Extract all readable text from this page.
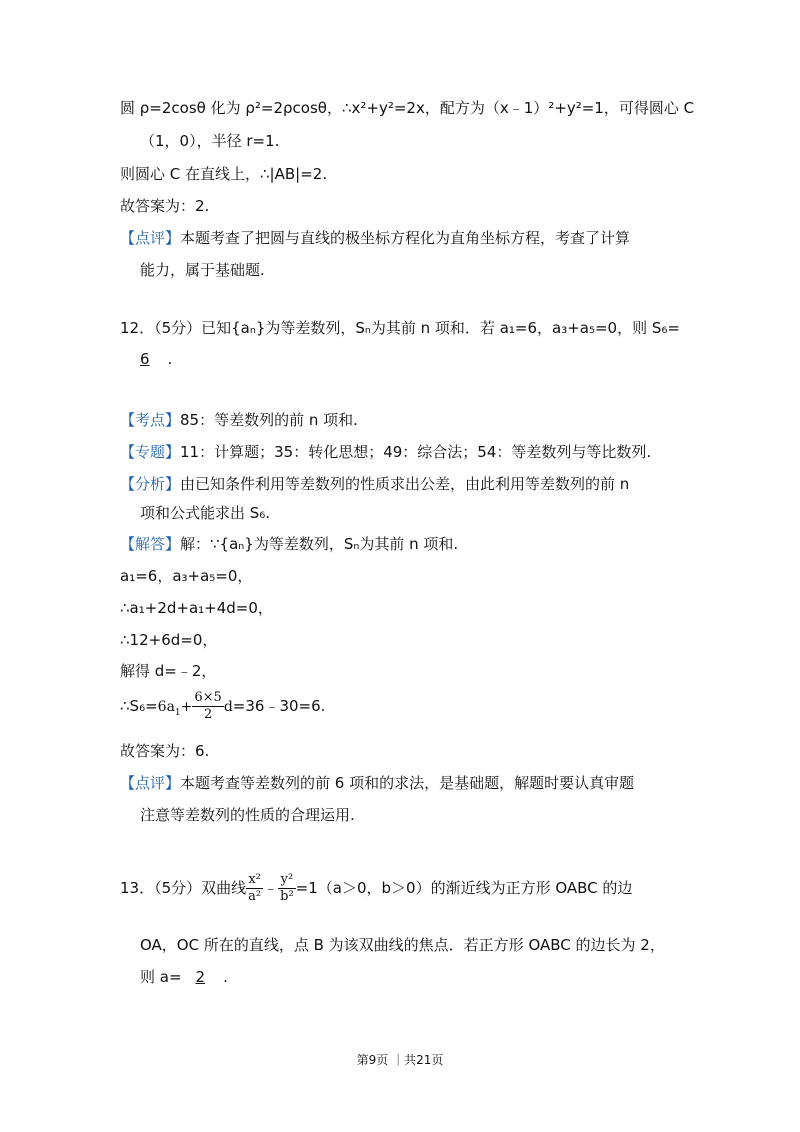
圆 ρ=2cosθ 化为 ρ²=2ρcosθ，∴x²+y²=2x，配方为（x﹣1）²+y²=1，可得圆心 C
（1，0），半径 r=1.
则圆心 C 在直线上，∴|AB|=2.
故答案为：2.
【点评】本题考查了把圆与直线的极坐标方程化为直角坐标方程，考查了计算
能力，属于基础题.
12．（5分）已知{aₙ}为等差数列，Sₙ为其前 n 项和．若 a₁=6，a₃+a₅=0，则 S₆=
6 .
【考点】85：等差数列的前 n 项和.
【专题】11：计算题；35：转化思想；49：综合法；54：等差数列与等比数列.
【分析】由已知条件利用等差数列的性质求出公差，由此利用等差数列的前 n
项和公式能求出 S₆.
【解答】解：∵{aₙ}为等差数列，Sₙ为其前 n 项和.
a₁=6，a₃+a₅=0，
∴a₁+2d+a₁+4d=0，
∴12+6d=0，
解得 d=﹣2，
$\therefore S_6=6a_1+ \frac{6\times 5}{2}$ d=36﹣30=6.
故答案为：6.
【点评】本题考查等差数列的前 6 项和的求法，是基础题，解题时要认真审题
注意等差数列的性质的合理运用.
13．（5分）双曲线 $\frac{\text{x²}}{\text{a²}}$ ﹣ $\frac{\text{y²}}{\text{b²}} =1(a>0$，b＞0）的渐近线为正方形 OABC 的边
OA，OC 所在的直线，点 B 为该双曲线的焦点．若正方形 OABC 的边长为 2，
则 a= 2 .
第9页 ｜共21页
